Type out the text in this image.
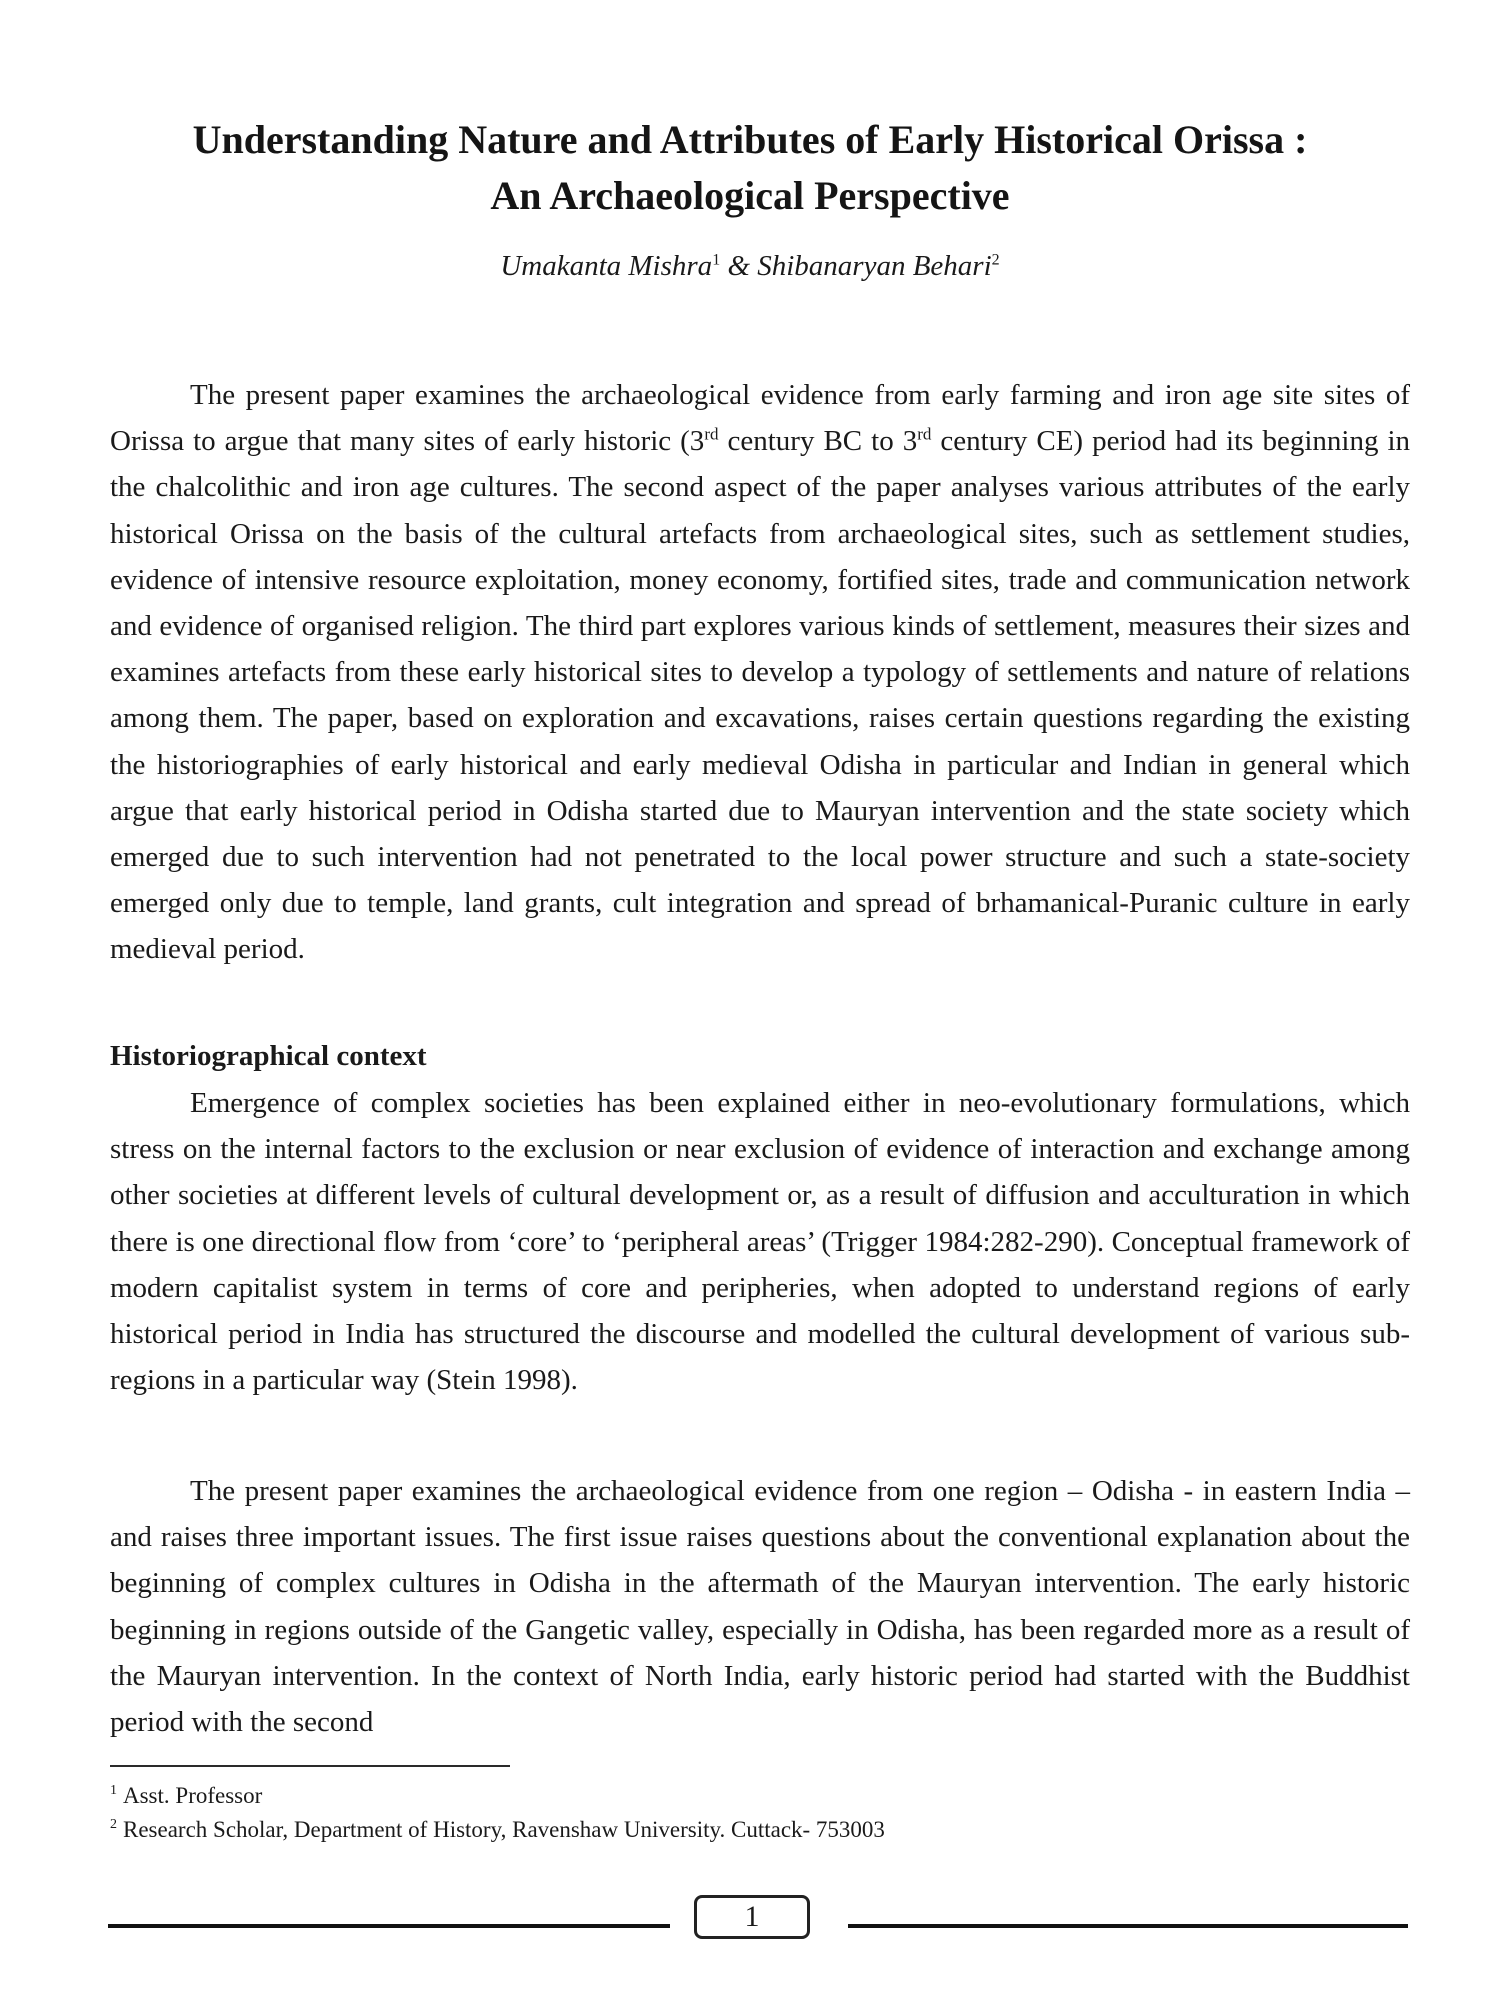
Understanding Nature and Attributes of Early Historical Orissa :
An Archaeological Perspective
Umakanta Mishra$^1$ & Shibanaryan Behari$^2$

The present paper examines the archaeological evidence from early farming and iron age site sites of Orissa to argue that many sites of early historic (3rd century BC to 3rd century CE) period had its beginning in the chalcolithic and iron age cultures. The second aspect of the paper analyses various attributes of the early historical Orissa on the basis of the cultural artefacts from archaeological sites, such as settlement studies, evidence of intensive resource exploitation, money economy, fortified sites, trade and communication network and evidence of organised religion. The third part explores various kinds of settlement, measures their sizes and examines artefacts from these early historical sites to develop a typology of settlements and nature of relations among them. The paper, based on exploration and excavations, raises certain questions regarding the existing the historiographies of early historical and early medieval Odisha in particular and Indian in general which argue that early historical period in Odisha started due to Mauryan intervention and the state society which emerged due to such intervention had not penetrated to the local power structure and such a state-society emerged only due to temple, land grants, cult integration and spread of brhamanical-Puranic culture in early medieval period.

Historiographical context

Emergence of complex societies has been explained either in neo-evolutionary formulations, which stress on the internal factors to the exclusion or near exclusion of evidence of interaction and exchange among other societies at different levels of cultural development or, as a result of diffusion and acculturation in which there is one directional flow from ‘core’ to ‘peripheral areas’ (Trigger 1984:282-290). Conceptual framework of modern capitalist system in terms of core and peripheries, when adopted to understand regions of early historical period in India has structured the discourse and modelled the cultural development of various sub-regions in a particular way (Stein 1998).

The present paper examines the archaeological evidence from one region – Odisha - in eastern India – and raises three important issues. The first issue raises questions about the conventional explanation about the beginning of complex cultures in Odisha in the aftermath of the Mauryan intervention. The early historic beginning in regions outside of the Gangetic valley, especially in Odisha, has been regarded more as a result of the Mauryan intervention. In the context of North India, early historic period had started with the Buddhist period with the second

$^1$ Asst. Professor
$^2$ Research Scholar, Department of History, Ravenshaw University. Cuttack- 753003
1
